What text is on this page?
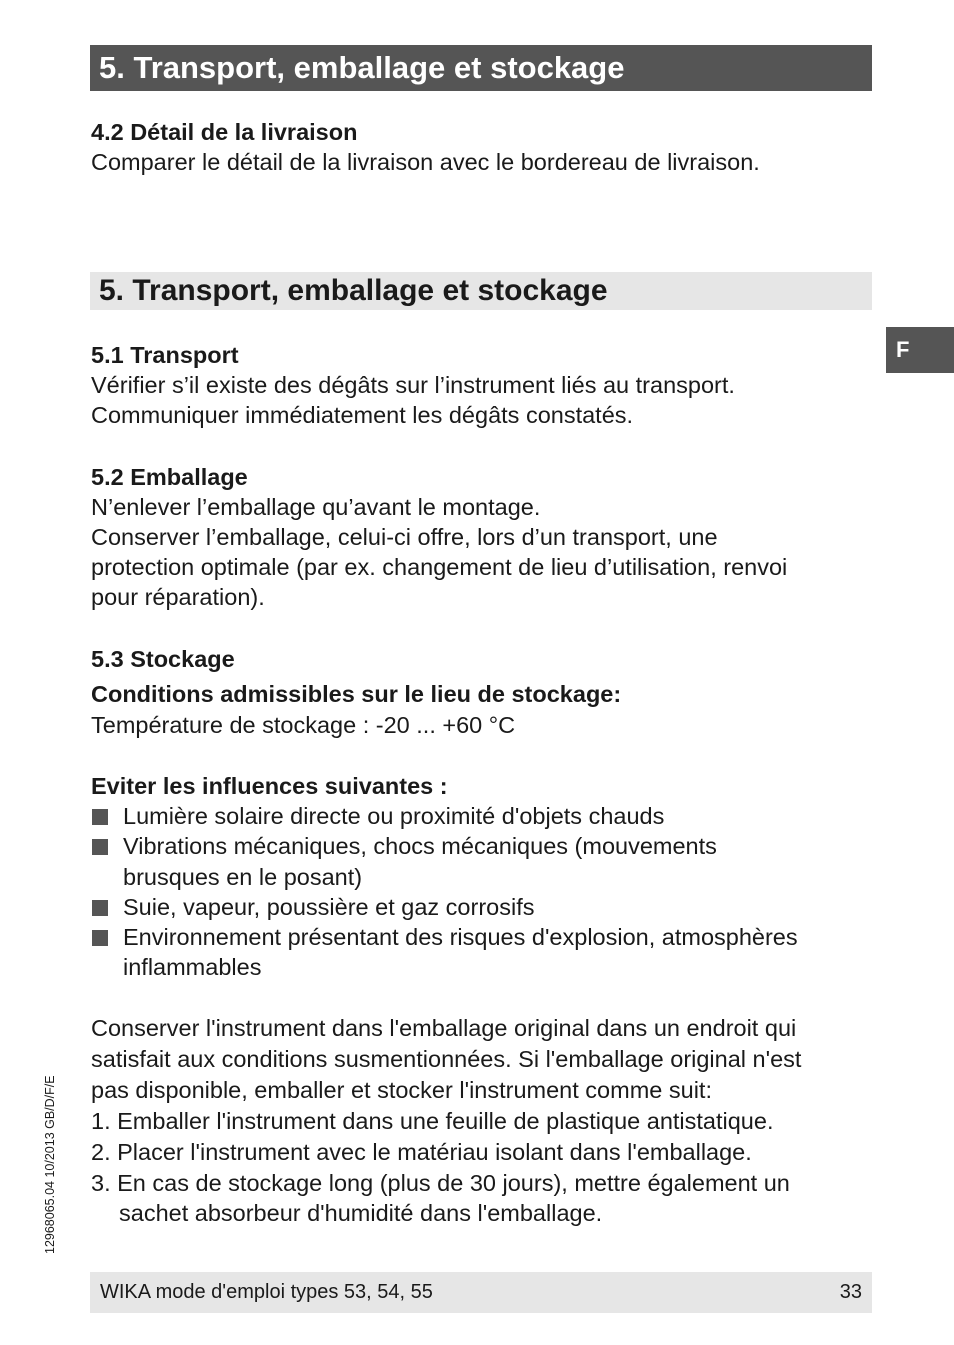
5. Transport, emballage et stockage
F
12968065.04 10/2013 GB/D/F/E
4.2 Détail de la livraison
Comparer le détail de la livraison avec le bordereau de livraison.
5. Transport, emballage et stockage
5.1 Transport
Vérifier s’il existe des dégâts sur l’instrument liés au transport.
Communiquer immédiatement les dégâts constatés.
5.2 Emballage
N’enlever l’emballage qu’avant le montage.
Conserver l’emballage, celui-ci offre, lors d’un transport, une
protection optimale (par ex. changement de lieu d’utilisation, renvoi
pour réparation).
5.3 Stockage
Conditions admissibles sur le lieu de stockage:
Température de stockage : -20 ... +60 °C
Eviter les influences suivantes :
Lumière solaire directe ou proximité d'objets chauds
Vibrations mécaniques, chocs mécaniques (mouvements
brusques en le posant)
Suie, vapeur, poussière et gaz corrosifs
Environnement présentant des risques d'explosion, atmosphères
inflammables
Conserver l'instrument dans l'emballage original dans un endroit qui
satisfait aux conditions susmentionnées. Si l'emballage original n'est
pas disponible, emballer et stocker l'instrument comme suit:
1. Emballer l'instrument dans une feuille de plastique antistatique.
2. Placer l'instrument avec le matériau isolant dans l'emballage.
3. En cas de stockage long (plus de 30 jours), mettre également un
sachet absorbeur d'humidité dans l'emballage.
WIKA mode d'emploi types 53, 54, 55	33
